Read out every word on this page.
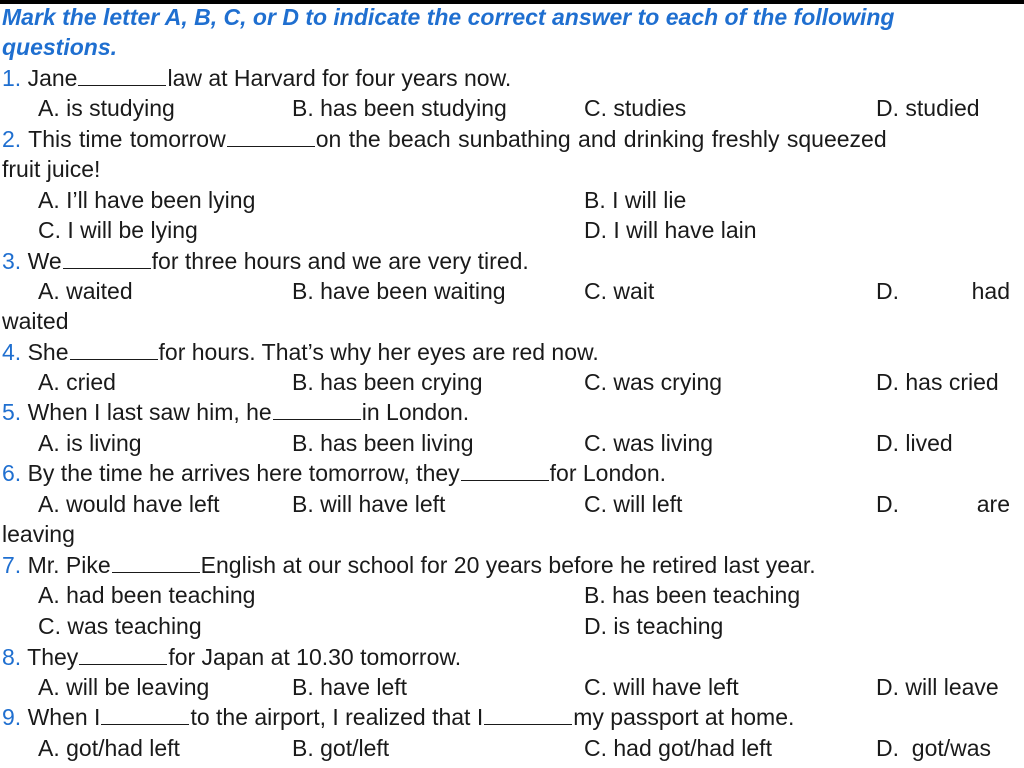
Mark the letter A, B, C, or D to indicate the correct answer to each of the following
questions.
1. Jane	law at Harvard for four years now.
A. is studying	B. has been studying	C. studies	D. studied
2. This time tomorrow	on the beach sunbathing and drinking freshly squeezed
fruit juice!
A. I’ll have been lying	B. I will lie
C. I will be lying	D. I will have lain
3. We	for three hours and we are very tired.
A. waited	B. have been waiting	C. wait	D.	had
waited
4. She	for hours. That’s why her eyes are red now.
A. cried	B. has been crying	C. was crying	D. has cried
5. When I last saw him, he	in London.
A. is living	B. has been living	C. was living	D. lived
6. By the time he arrives here tomorrow, they	for London.
A. would have left	B. will have left	C. will left	D.	are
leaving
7. Mr. Pike	English at our school for 20 years before he retired last year.
A. had been teaching	B. has been teaching
C. was teaching	D. is teaching
8. They	for Japan at 10.30 tomorrow.
A. will be leaving	B. have left	C. will have left	D. will leave
9. When I	to the airport, I realized that I	my passport at home.
A. got/had left	B. got/left	C. had got/had left	D.  got/was
